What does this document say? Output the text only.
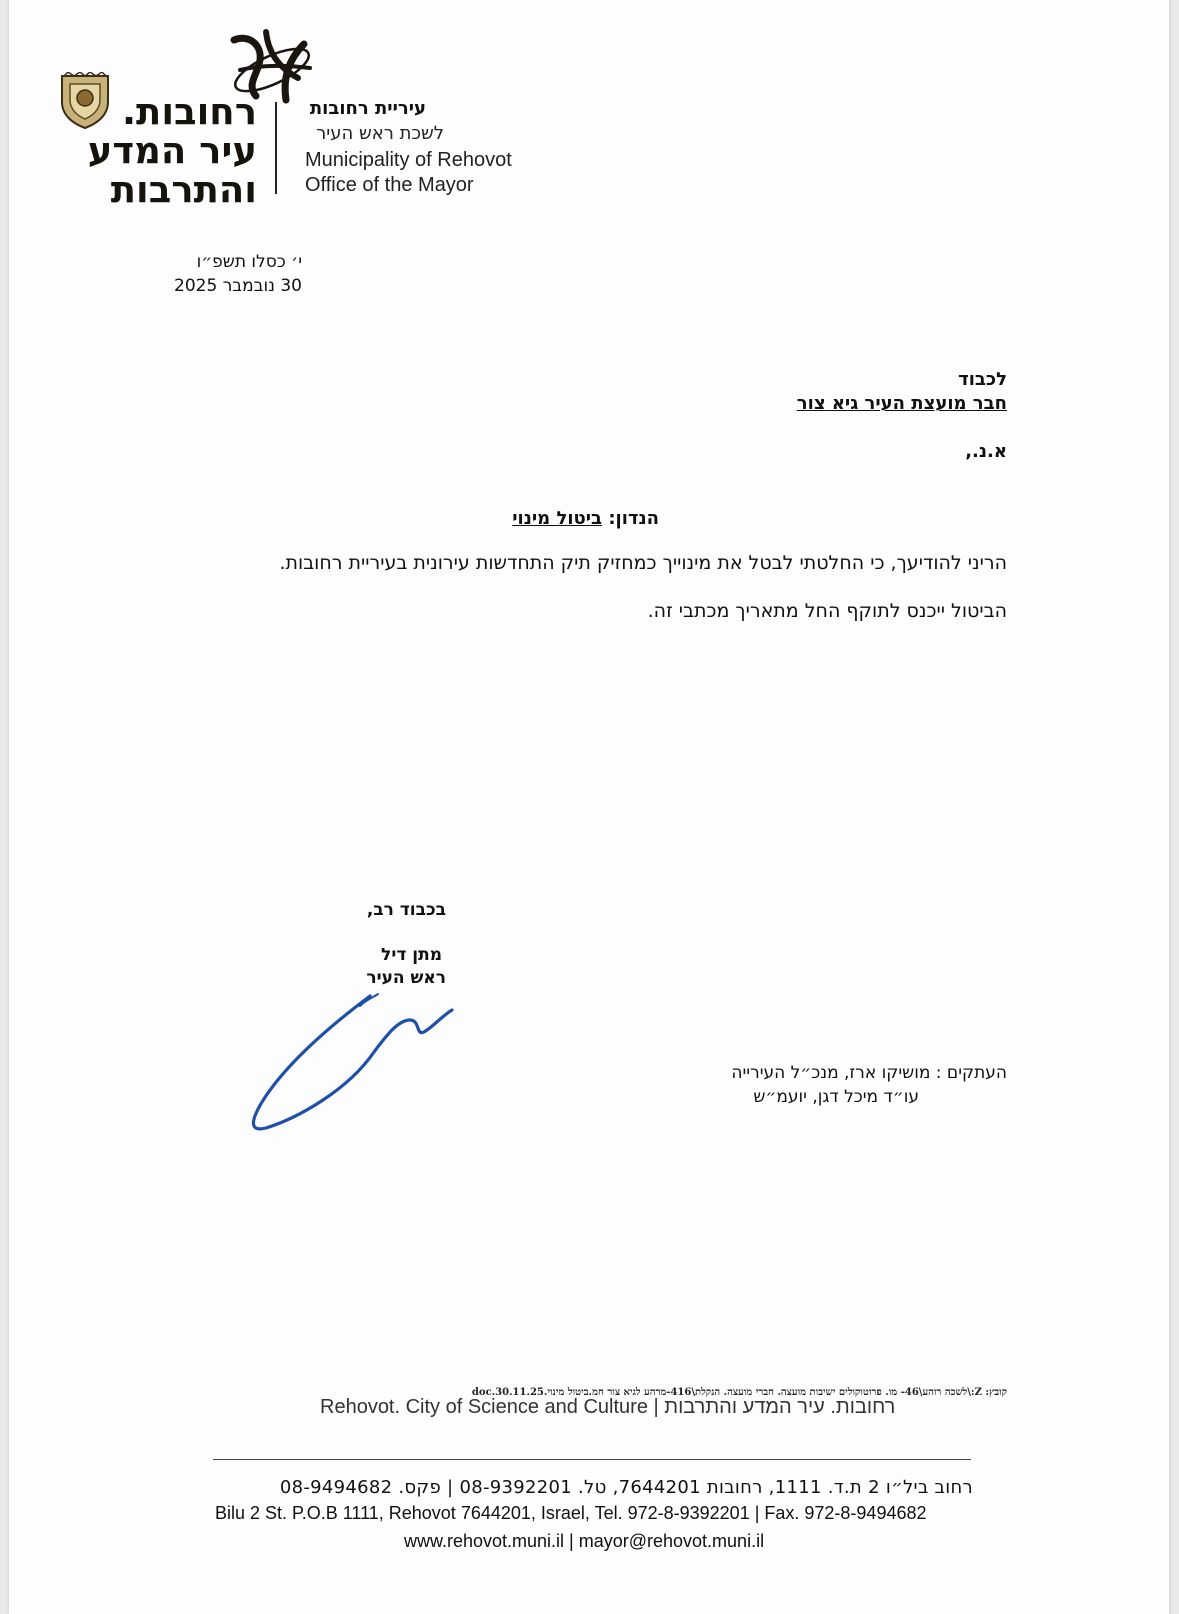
רחובות.
עיר המדע
והתרבות
עיריית רחובות
לשכת ראש העיר
Municipality of Rehovot
Office of the Mayor
י׳ כסלו תשפ״ו
30 נובמבר 2025
לכבוד
חבר מועצת העיר גיא צור
א.נ.,
הנדון: ביטול מינוי
הריני להודיעך, כי החלטתי לבטל את מינוייך כמחזיק תיק התחדשות עירונית בעיריית רחובות.
הביטול ייכנס לתוקף החל מתאריך מכתבי זה.
בכבוד רב,
מתן דיל
ראש העיר
העתקים : מושיקו ארז, מנכ״ל העירייה
עו״ד מיכל דגן, יועמ״ש
קובץ: Z:\לשכה רוהע\46- מו. פרוטוקולים ישיבות מועצה. חברי מועצה. הנקלת\416-מרהע לגיא צור חמ.ביטול מינוי.30.11.25.doc
Rehovot. City of Science and Culture | רחובות. עיר המדע והתרבות
רחוב ביל״ו 2 ת.ד. 1111, רחובות 7644201, טל. 08-9392201 | פקס. 08-9494682
Bilu 2 St. P.O.B 1111, Rehovot 7644201, Israel, Tel. 972-8-9392201 | Fax. 972-8-9494682
www.rehovot.muni.il | mayor@rehovot.muni.il
